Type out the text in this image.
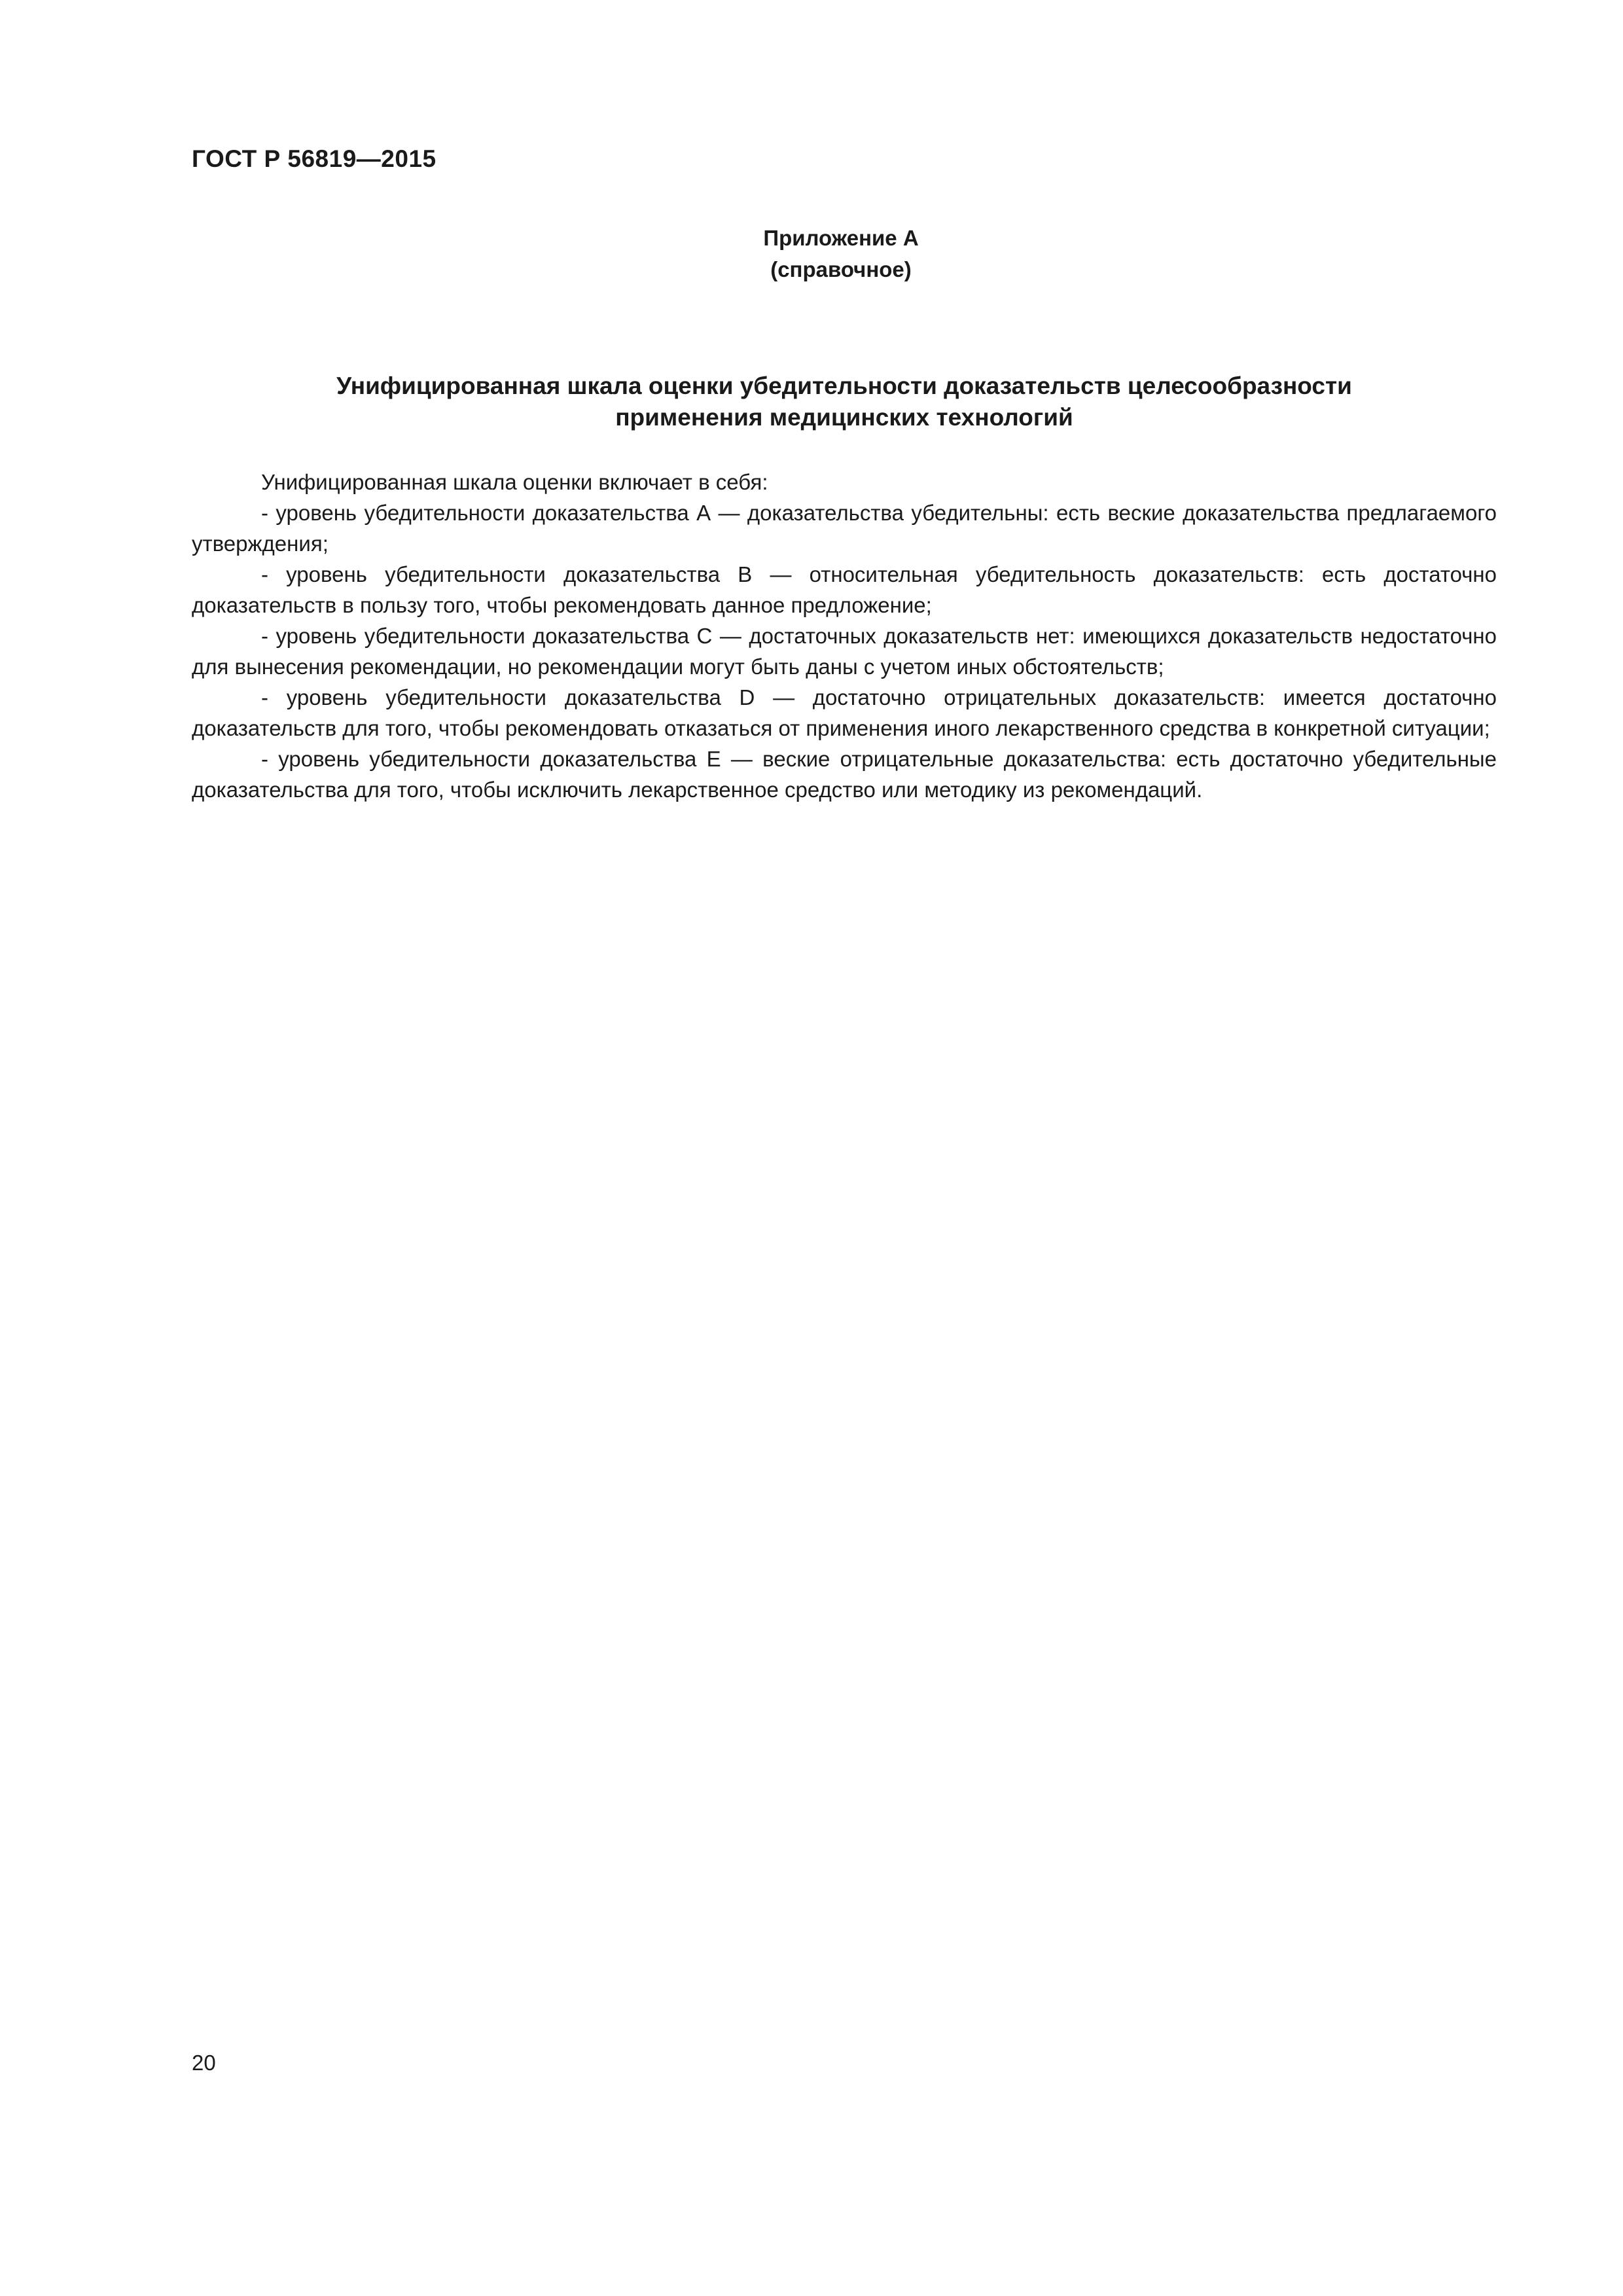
ГОСТ Р 56819—2015
Приложение А
(справочное)
Унифицированная шкала оценки убедительности доказательств целесообразности
применения медицинских технологий

Унифицированная шкала оценки включает в себя:

- уровень убедительности доказательства А — доказательства убедительны: есть веские доказательства предлагаемого утверждения;

- уровень убедительности доказательства В — относительная убедительность доказательств: есть достаточно доказательств в пользу того, чтобы рекомендовать данное предложение;

- уровень убедительности доказательства С — достаточных доказательств нет: имеющихся доказательств недостаточно для вынесения рекомендации, но рекомендации могут быть даны с учетом иных обстоятельств;

- уровень убедительности доказательства D — достаточно отрицательных доказательств: имеется достаточно доказательств для того, чтобы рекомендовать отказаться от применения иного лекарственного средства в конкретной ситуации;

- уровень убедительности доказательства Е — веские отрицательные доказательства: есть достаточно убедительные доказательства для того, чтобы исключить лекарственное средство или методику из рекомендаций.

20
